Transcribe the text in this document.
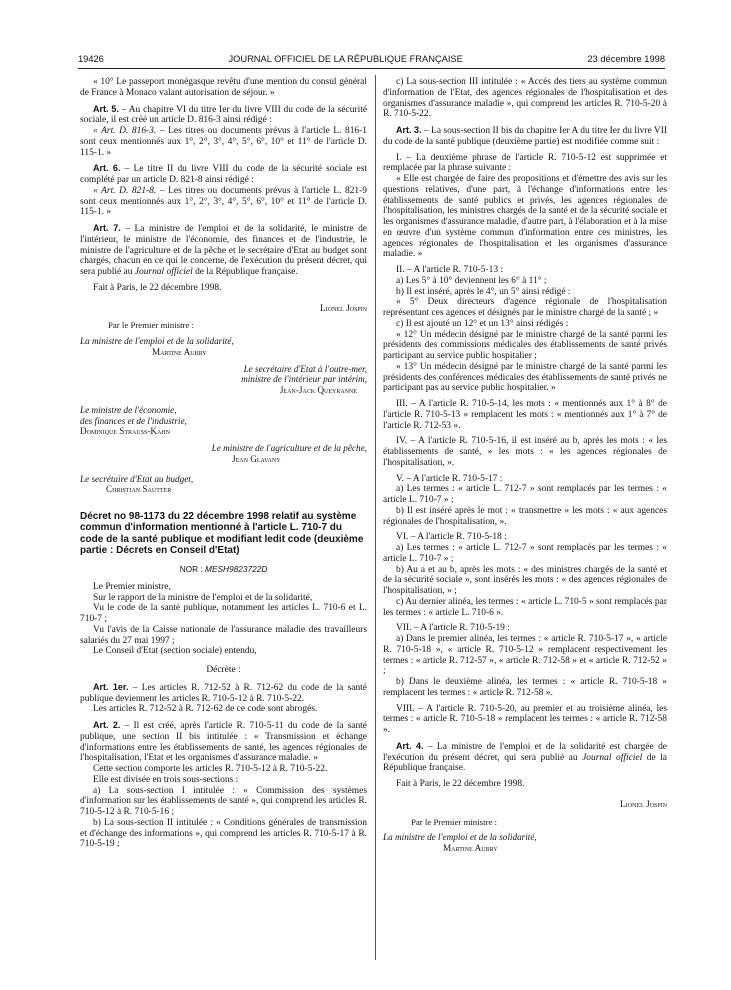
19426	JOURNAL OFFICIEL DE LA RÉPUBLIQUE FRANÇAISE	23 décembre 1998

« 10° Le passeport monégasque revêtu d'une mention du consul général de France à Monaco valant autorisation de séjour. »

Art. 5. – Au chapitre VI du titre Ier du livre VIII du code de la sécurité sociale, il est créé un article D. 816-3 ainsi rédigé :

« Art. D. 816-3. – Les titres ou documents prévus à l'article L. 816-1 sont ceux mentionnés aux 1°, 2°, 3°, 4°, 5°, 6°, 10° et 11° de l'article D. 115-1. »

Art. 6. – Le titre II du livre VIII du code de la sécurité sociale est complété par un article D. 821-8 ainsi rédigé :

« Art. D. 821-8. – Les titres ou documents prévus à l'article L. 821-9 sont ceux mentionnés aux 1°, 2°, 3°, 4°, 5°, 6°, 10° et 11° de l'article D. 115-1. »

Art. 7. – La ministre de l'emploi et de la solidarité, le ministre de l'intérieur, le ministre de l'économie, des finances et de l'industrie, le ministre de l'agriculture et de la pêche et le secrétaire d'Etat au budget sont chargés, chacun en ce qui le concerne, de l'exécution du présent décret, qui sera publié au Journal officiel de la République française.

Fait à Paris, le 22 décembre 1998.

Lionel Jospin

Par le Premier ministre :

La ministre de l'emploi et de la solidarité,

Martine Aubry

Le secrétaire d'Etat à l'outre-mer,

ministre de l'intérieur par intérim,

Jean-Jack Queyranne

Le ministre de l'économie,

des finances et de l'industrie,

Dominique Strauss-Kahn

Le ministre de l'agriculture et de la pêche,

Jean Glavany

Le secrétaire d'Etat au budget,

Christian Sautter

Décret no 98-1173 du 22 décembre 1998 relatif au système commun d'information mentionné à l'article L. 710-7 du code de la santé publique et modifiant ledit code (deuxième partie : Décrets en Conseil d'Etat)

NOR : MESH9823722D

Le Premier ministre,

Sur le rapport de la ministre de l'emploi et de la solidarité,

Vu le code de la santé publique, notamment les articles L. 710-6 et L. 710-7 ;

Vu l'avis de la Caisse nationale de l'assurance maladie des travailleurs salariés du 27 mai 1997 ;

Le Conseil d'Etat (section sociale) entendu,

Décrète :

Art. 1er. – Les articles R. 712-52 à R. 712-62 du code de la santé publique deviennent les articles R. 710-5-12 à R. 710-5-22.

Les articles R. 712-52 à R. 712-62 de ce code sont abrogés.

Art. 2. – Il est créé, après l'article R. 710-5-11 du code de la santé publique, une section II bis intitulée : « Transmission et échange d'informations entre les établissements de santé, les agences régionales de l'hospitalisation, l'Etat et les organismes d'assurance maladie. »

Cette section comporte les articles R. 710-5-12 à R. 710-5-22.

Elle est divisée en trois sous-sections :

a) La sous-section I intitulée : « Commission des systèmes d'information sur les établissements de santé », qui comprend les articles R. 710-5-12 à R. 710-5-16 ;

b) La sous-section II intitulée : « Conditions générales de transmission et d'échange des informations », qui comprend les articles R. 710-5-17 à R. 710-5-19 ;

c) La sous-section III intitulée : « Accès des tiers au système commun d'information de l'Etat, des agences régionales de l'hospitalisation et des organismes d'assurance maladie », qui comprend les articles R. 710-5-20 à R. 710-5-22.

Art. 3. – La sous-section II bis du chapitre Ier A du titre Ier du livre VII du code de la santé publique (deuxième partie) est modifiée comme suit :

I. – La deuxième phrase de l'article R. 710-5-12 est supprimée et remplacée par la phrase suivante :

« Elle est chargée de faire des propositions et d'émettre des avis sur les questions relatives, d'une part, à l'échange d'informations entre les établissements de santé publics et privés, les agences régionales de l'hospitalisation, les ministres chargés de la santé et de la sécurité sociale et les organismes d'assurance maladie, d'autre part, à l'élaboration et à la mise en œuvre d'un système commun d'information entre ces ministres, les agences régionales de l'hospitalisation et les organismes d'assurance maladie. »

II. – A l'article R. 710-5-13 :

a) Les 5° à 10° deviennent les 6° à 11° ;

b) Il est inséré, après le 4°, un 5° ainsi rédigé :

« 5° Deux directeurs d'agence régionale de l'hospitalisation représentant ces agences et désignés par le ministre chargé de la santé ; »

c) Il est ajouté un 12° et un 13° ainsi rédigés :

« 12° Un médecin désigné par le ministre chargé de la santé parmi les présidents des commissions médicales des établissements de santé privés participant au service public hospitalier ;

« 13° Un médecin désigné par le ministre chargé de la santé parmi les présidents des conférences médicales des établissements de santé privés ne participant pas au service public hospitalier. »

III. – A l'article R. 710-5-14, les mots : « mentionnés aux 1° à 8° de l'article R. 710-5-13 » remplacent les mots : « mentionnés aux 1° à 7° de l'article R. 712-53 ».

IV. – A l'article R. 710-5-16, il est inséré au b, après les mots : « les établissements de santé, » les mots : « les agences régionales de l'hospitalisation, ».

V. – A l'article R. 710-5-17 :

a) Les termes : « article L. 712-7 » sont remplacés par les termes : « article L. 710-7 » ;

b) Il est inséré après le mot : « transmettre » les mots : « aux agences régionales de l'hospitalisation, ».

VI. – A l'article R. 710-5-18 :

a) Les termes : « article L. 712-7 » sont remplacés par les termes : « article L. 710-7 » ;

b) Au a et au b, après les mots : « des ministres chargés de la santé et de la sécurité sociale », sont insérés les mots : « des agences régionales de l'hospitalisation, » ;

c) Au dernier alinéa, les termes : « article L. 710-5 » sont remplacés par les termes : « article L. 710-6 ».

VII. – A l'article R. 710-5-19 :

a) Dans le premier alinéa, les termes : « article R. 710-5-17 », « article R. 710-5-18 », « article R. 710-5-12 » remplacent respectivement les termes : « article R. 712-57 », « article R. 712-58 » et « article R. 712-52 » ;

b) Dans le deuxième alinéa, les termes : « article R. 710-5-18 » remplacent les termes : « article R. 712-58 ».

VIII. – A l'article R. 710-5-20, au premier et au troisième alinéa, les termes : « article R. 710-5-18 » remplacent les termes : « article R. 712-58 ».

Art. 4. – La ministre de l'emploi et de la solidarité est chargée de l'exécution du présent décret, qui sera publié au Journal officiel de la République française.

Fait à Paris, le 22 décembre 1998.

Lionel Jospin

Par le Premier ministre :

La ministre de l'emploi et de la solidarité,

Martine Aubry
